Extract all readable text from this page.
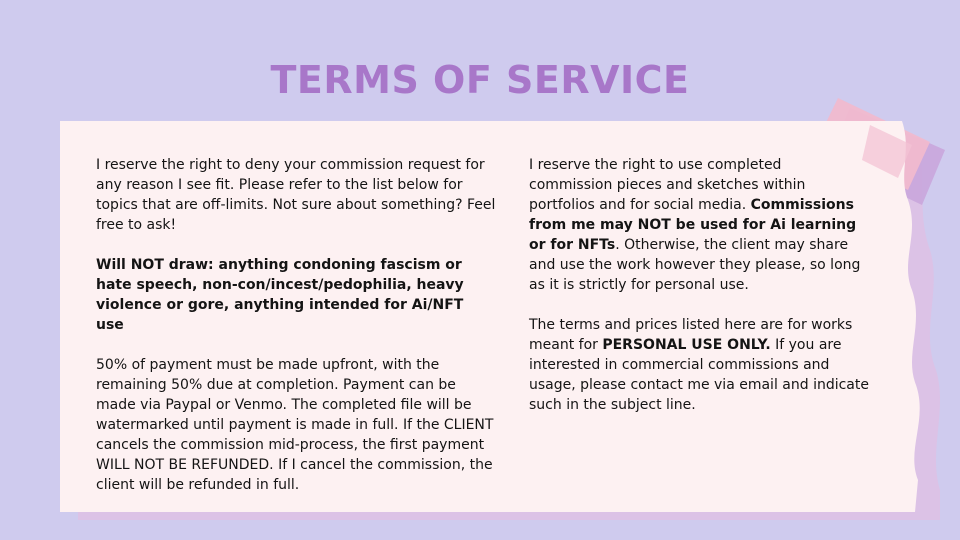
TERMS OF SERVICE

I reserve the right to deny your commission request for any reason I see fit. Please refer to the list below for topics that are off-limits. Not sure about something? Feel free to ask!

Will NOT draw: anything condoning fascism or hate speech, non-con/incest/pedophilia, heavy violence or gore, anything intended for Ai/NFT use

50% of payment must be made upfront, with the remaining 50% due at completion. Payment can be made via Paypal or Venmo. The completed file will be watermarked until payment is made in full. If the CLIENT cancels the commission mid-process, the first payment WILL NOT BE REFUNDED. If I cancel the commission, the client will be refunded in full.

I reserve the right to use completed commission pieces and sketches within portfolios and for social media. Commissions from me may NOT be used for Ai learning or for NFTs. Otherwise, the client may share and use the work however they please, so long as it is strictly for personal use.

The terms and prices listed here are for works meant for PERSONAL USE ONLY. If you are interested in commercial commissions and usage, please contact me via email and indicate such in the subject line.
